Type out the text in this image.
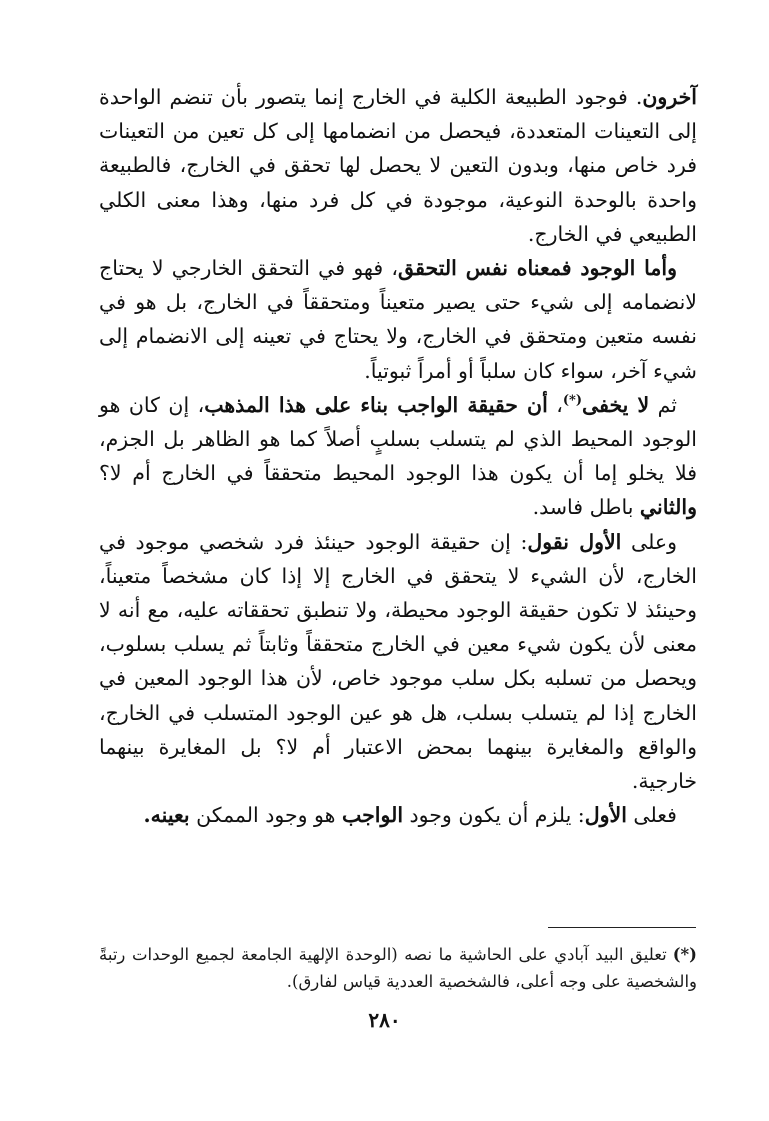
آخرون. فوجود الطبيعة الكلية في الخارج إنما يتصور بأن تنضم الواحدة إلى التعينات المتعددة، فيحصل من انضمامها إلى كل تعين من التعينات فرد خاص منها، وبدون التعين لا يحصل لها تحقق في الخارج، فالطبيعة واحدة بالوحدة النوعية، موجودة في كل فرد منها، وهذا معنى الكلي الطبيعي في الخارج.

وأما الوجود فمعناه نفس التحقق، فهو في التحقق الخارجي لا يحتاج لانضمامه إلى شيء حتى يصير متعيناً ومتحققاً في الخارج، بل هو في نفسه متعين ومتحقق في الخارج، ولا يحتاج في تعينه إلى الانضمام إلى شيء آخر، سواء كان سلباً أو أمراً ثبوتياً.

ثم لا يخفى(*)، أن حقيقة الواجب بناء على هذا المذهب، إن كان هو الوجود المحيط الذي لم يتسلب بسلبٍ أصلاً كما هو الظاهر بل الجزم، فلا يخلو إما أن يكون هذا الوجود المحيط متحققاً في الخارج أم لا؟ والثاني باطل فاسد.

وعلى الأول نقول: إن حقيقة الوجود حينئذ فرد شخصي موجود في الخارج، لأن الشيء لا يتحقق في الخارج إلا إذا كان مشخصاً متعيناً، وحينئذ لا تكون حقيقة الوجود محيطة، ولا تنطبق تحققاته عليه، مع أنه لا معنى لأن يكون شيء معين في الخارج متحققاً وثابتاً ثم يسلب بسلوب، ويحصل من تسلبه بكل سلب موجود خاص، لأن هذا الوجود المعين في الخارج إذا لم يتسلب بسلب، هل هو عين الوجود المتسلب في الخارج، والواقع والمغايرة بينهما بمحض الاعتبار أم لا؟ بل المغايرة بينهما خارجية.

فعلى الأول: يلزم أن يكون وجود الواجب هو وجود الممكن بعينه.

(*)تعليق البيد آبادي على الحاشية ما نصه (الوحدة الإلهية الجامعة لجميع الوحدات رتبةً والشخصية على وجه أعلى، فالشخصية العددية قياس لفارق).
٢٨٠
